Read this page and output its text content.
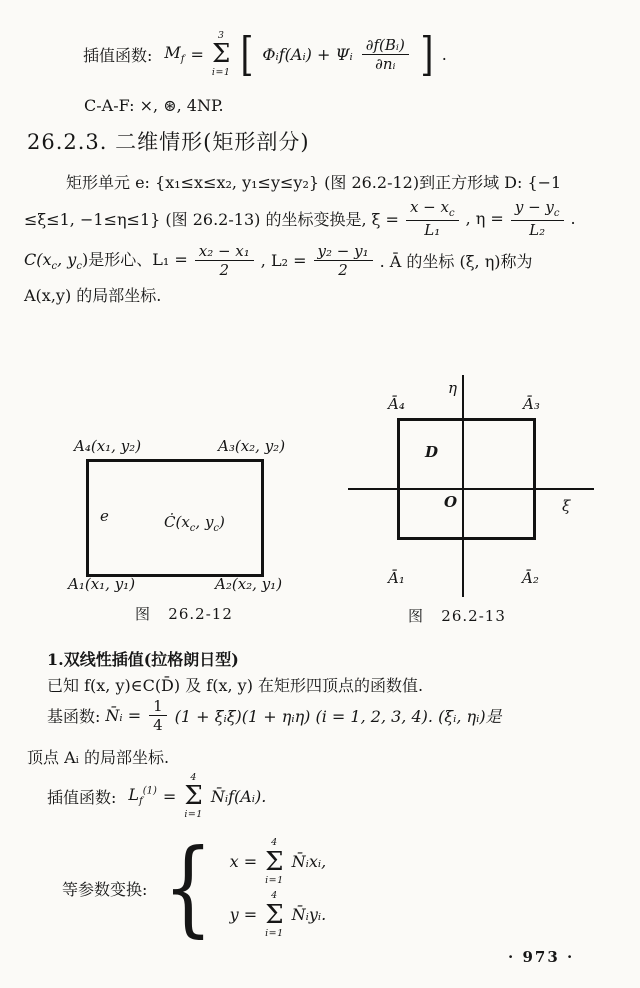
插值函数: $M_f$ =
3
Σ
i=1 [ Φᵢf(Aᵢ) + Ψᵢ $\frac{\text{∂f(Bᵢ)}}{\text{∂nᵢ}}$ ] .
C-A-F: ×, ⊛, 4NP.
26.2.3. 二维情形(矩形剖分)
矩形单元 e: {x₁≤x≤x₂, y₁≤y≤y₂} (图 26.2-12)到正方形域 D: {−1
≤ξ≤1, −1≤η≤1} (图 26.2-13) 的坐标变换是, $\xi = \frac{x - x_c}{\text{L₁}}$ , $\eta = \frac{y - y_c}{\text{L₂}}$ .
$C(x_c$, $y_c$)是形心、$L_1 = \frac{\text{x₂ − x₁}}{2}$ , $L_2 = \frac{\text{y₂ − y₁}}{2}$ . Ā 的坐标 (ξ, η)称为
A(x,y) 的局部坐标.
A₄(x₁, y₂)	A₃(x₂, y₂)
e	$Ċ(x_c$, $y_c$)
A₁(x₁, y₁)	A₂(x₂, y₁)
图   26.2-12
η
ξ
O
D
Ā₄	Ā₃
Ā₁	Ā₂
图   26.2-13
1.双线性插值(拉格朗日型)
已知 f(x, y)∈C(D̄) 及 f(x, y) 在矩形四顶点的函数值.
基函数: N̄ᵢ = $\frac{1}{4} (1$ + ξᵢξ)(1 + ηᵢη) (i = 1, 2, 3, 4). (ξᵢ, ηᵢ)是
顶点 Aᵢ 的局部坐标.
插值函数: $L_f^{(1)}$ =
4
Σ
i=1
N̄ᵢf(Aᵢ).
等参数变换: { x =
4
Σ
i=1
N̄ᵢxᵢ,
y =
4
Σ
i=1
N̄ᵢyᵢ.
· 973 ·
